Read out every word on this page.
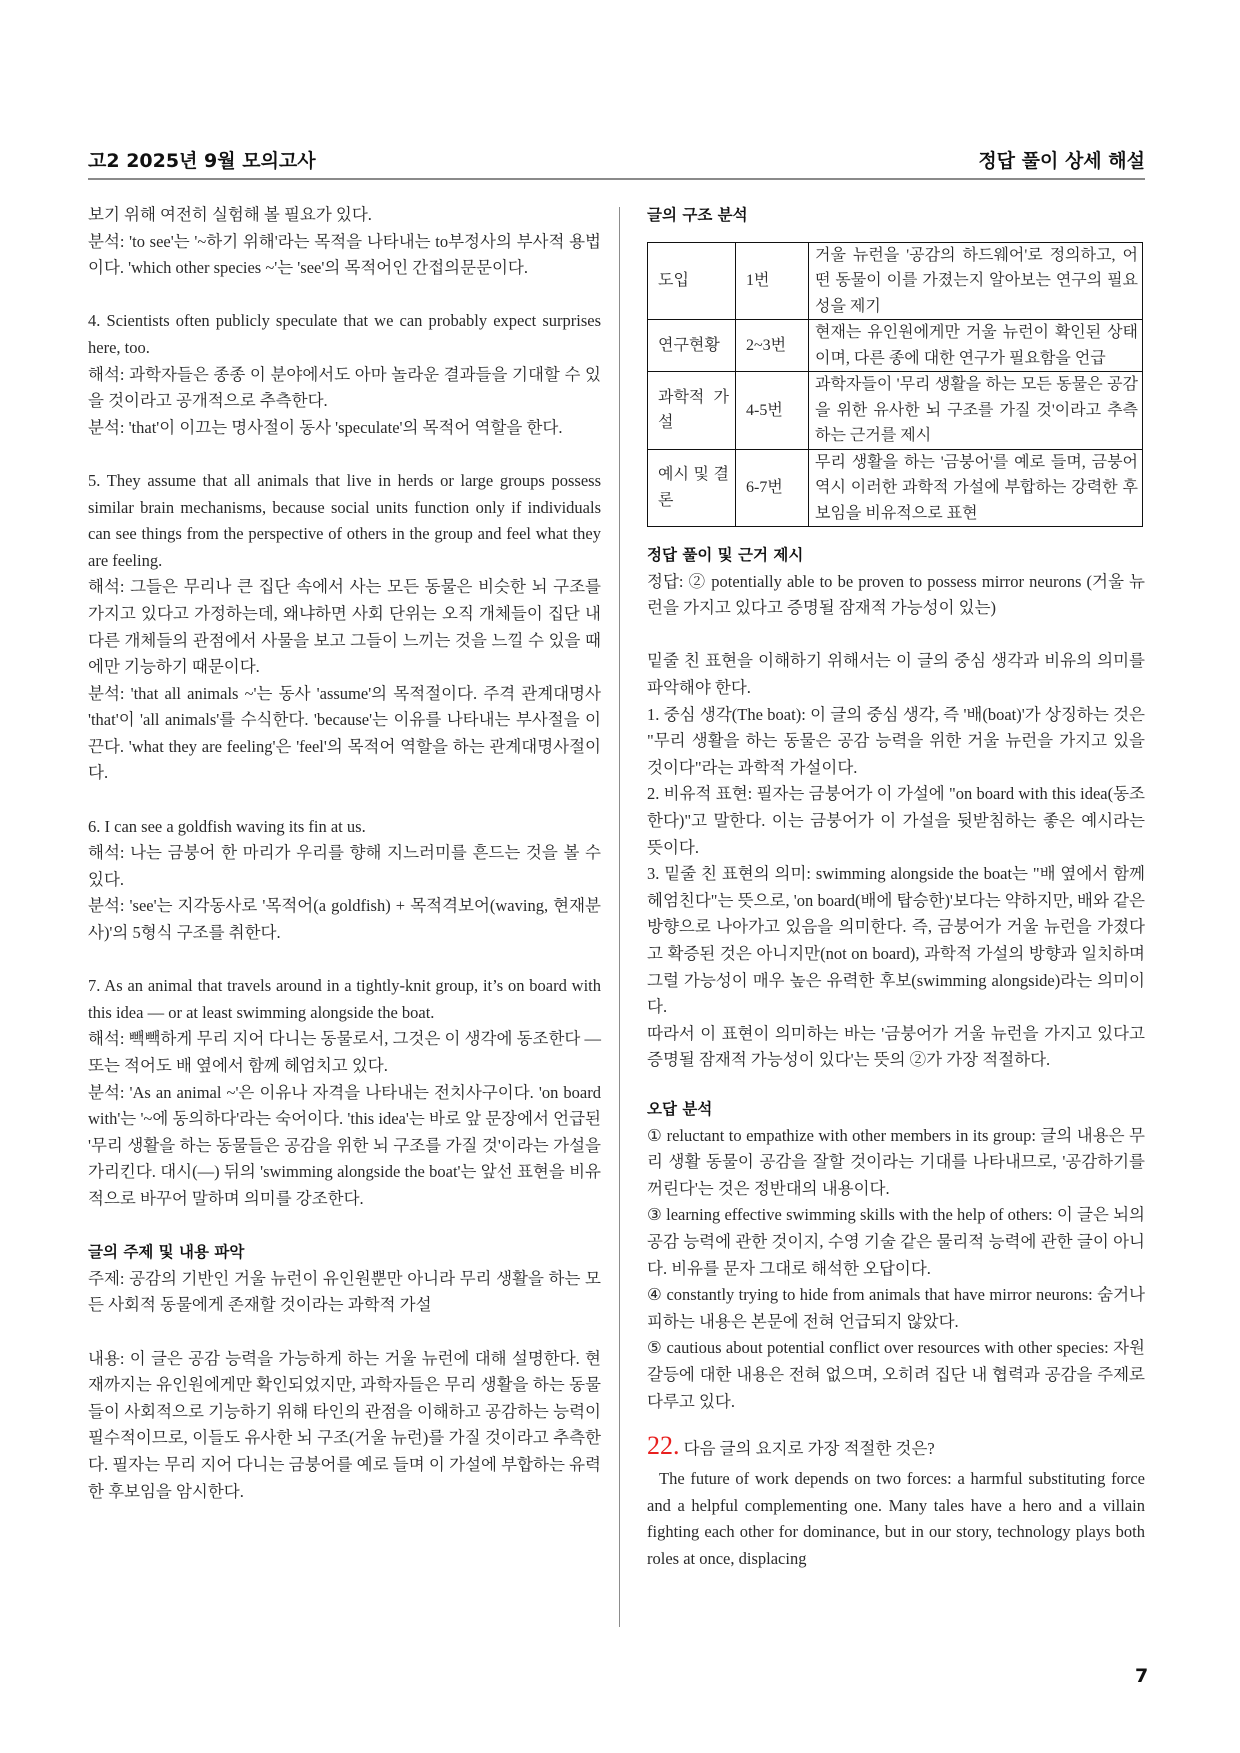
고2 2025년 9월 모의고사	정답 풀이 상세 해설

보기 위해 여전히 실험해 볼 필요가 있다.

분석: 'to see'는 '~하기 위해'라는 목적을 나타내는 to부정사의 부사적 용법이다. 'which other species ~'는 'see'의 목적어인 간접의문문이다.

4. Scientists often publicly speculate that we can probably expect surprises here, too.

해석: 과학자들은 종종 이 분야에서도 아마 놀라운 결과들을 기대할 수 있을 것이라고 공개적으로 추측한다.

분석: 'that'이 이끄는 명사절이 동사 'speculate'의 목적어 역할을 한다.

5. They assume that all animals that live in herds or large groups possess similar brain mechanisms, because social units function only if individuals can see things from the perspective of others in the group and feel what they are feeling.

해석: 그들은 무리나 큰 집단 속에서 사는 모든 동물은 비슷한 뇌 구조를 가지고 있다고 가정하는데, 왜냐하면 사회 단위는 오직 개체들이 집단 내 다른 개체들의 관점에서 사물을 보고 그들이 느끼는 것을 느낄 수 있을 때에만 기능하기 때문이다.

분석: 'that all animals ~'는 동사 'assume'의 목적절이다. 주격 관계대명사 'that'이 'all animals'를 수식한다. 'because'는 이유를 나타내는 부사절을 이끈다. 'what they are feeling'은 'feel'의 목적어 역할을 하는 관계대명사절이다.

6. I can see a goldfish waving its fin at us.

해석: 나는 금붕어 한 마리가 우리를 향해 지느러미를 흔드는 것을 볼 수 있다.

분석: 'see'는 지각동사로 '목적어(a goldfish) + 목적격보어(waving, 현재분사)'의 5형식 구조를 취한다.

7. As an animal that travels around in a tightly-knit group, it’s on board with this idea — or at least swimming alongside the boat.

해석: 빽빽하게 무리 지어 다니는 동물로서, 그것은 이 생각에 동조한다 — 또는 적어도 배 옆에서 함께 헤엄치고 있다.

분석: 'As an animal ~'은 이유나 자격을 나타내는 전치사구이다. 'on board with'는 '~에 동의하다'라는 숙어이다. 'this idea'는 바로 앞 문장에서 언급된 '무리 생활을 하는 동물들은 공감을 위한 뇌 구조를 가질 것'이라는 가설을 가리킨다. 대시(—) 뒤의 'swimming alongside the boat'는 앞선 표현을 비유적으로 바꾸어 말하며 의미를 강조한다.

글의 주제 및 내용 파악

주제: 공감의 기반인 거울 뉴런이 유인원뿐만 아니라 무리 생활을 하는 모든 사회적 동물에게 존재할 것이라는 과학적 가설

내용: 이 글은 공감 능력을 가능하게 하는 거울 뉴런에 대해 설명한다. 현재까지는 유인원에게만 확인되었지만, 과학자들은 무리 생활을 하는 동물들이 사회적으로 기능하기 위해 타인의 관점을 이해하고 공감하는 능력이 필수적이므로, 이들도 유사한 뇌 구조(거울 뉴런)를 가질 것이라고 추측한다. 필자는 무리 지어 다니는 금붕어를 예로 들며 이 가설에 부합하는 유력한 후보임을 암시한다.

글의 구조 분석

도입	1번	거울 뉴런을 '공감의 하드웨어'로 정의하고, 어떤 동물이 이를 가졌는지 알아보는 연구의 필요성을 제기
연구현황	2~3번	현재는 유인원에게만 거울 뉴런이 확인된 상태이며, 다른 종에 대한 연구가 필요함을 언급
과학적 가설	4-5번	과학자들이 '무리 생활을 하는 모든 동물은 공감을 위한 유사한 뇌 구조를 가질 것'이라고 추측하는 근거를 제시
예시 및 결론	6-7번	무리 생활을 하는 '금붕어'를 예로 들며, 금붕어 역시 이러한 과학적 가설에 부합하는 강력한 후보임을 비유적으로 표현

정답 풀이 및 근거 제시

정답: ② potentially able to be proven to possess mirror neurons (거울 뉴런을 가지고 있다고 증명될 잠재적 가능성이 있는)

밑줄 친 표현을 이해하기 위해서는 이 글의 중심 생각과 비유의 의미를 파악해야 한다.

1. 중심 생각(The boat): 이 글의 중심 생각, 즉 '배(boat)'가 상징하는 것은 "무리 생활을 하는 동물은 공감 능력을 위한 거울 뉴런을 가지고 있을 것이다"라는 과학적 가설이다.

2. 비유적 표현: 필자는 금붕어가 이 가설에 "on board with this idea(동조한다)"고 말한다. 이는 금붕어가 이 가설을 뒷받침하는 좋은 예시라는 뜻이다.

3. 밑줄 친 표현의 의미: swimming alongside the boat는 "배 옆에서 함께 헤엄친다"는 뜻으로, 'on board(배에 탑승한)'보다는 약하지만, 배와 같은 방향으로 나아가고 있음을 의미한다. 즉, 금붕어가 거울 뉴런을 가졌다고 확증된 것은 아니지만(not on board), 과학적 가설의 방향과 일치하며 그럴 가능성이 매우 높은 유력한 후보(swimming alongside)라는 의미이다.

따라서 이 표현이 의미하는 바는 '금붕어가 거울 뉴런을 가지고 있다고 증명될 잠재적 가능성이 있다'는 뜻의 ②가 가장 적절하다.

오답 분석

① reluctant to empathize with other members in its group: 글의 내용은 무리 생활 동물이 공감을 잘할 것이라는 기대를 나타내므로, '공감하기를 꺼린다'는 것은 정반대의 내용이다.

③ learning effective swimming skills with the help of others: 이 글은 뇌의 공감 능력에 관한 것이지, 수영 기술 같은 물리적 능력에 관한 글이 아니다. 비유를 문자 그대로 해석한 오답이다.

④ constantly trying to hide from animals that have mirror neurons: 숨거나 피하는 내용은 본문에 전혀 언급되지 않았다.

⑤ cautious about potential conflict over resources with other species: 자원 갈등에 대한 내용은 전혀 없으며, 오히려 집단 내 협력과 공감을 주제로 다루고 있다.

22. 다음 글의 요지로 가장 적절한 것은?

The future of work depends on two forces: a harmful substituting force and a helpful complementing one. Many tales have a hero and a villain fighting each other for dominance, but in our story, technology plays both roles at once, displacing

7
